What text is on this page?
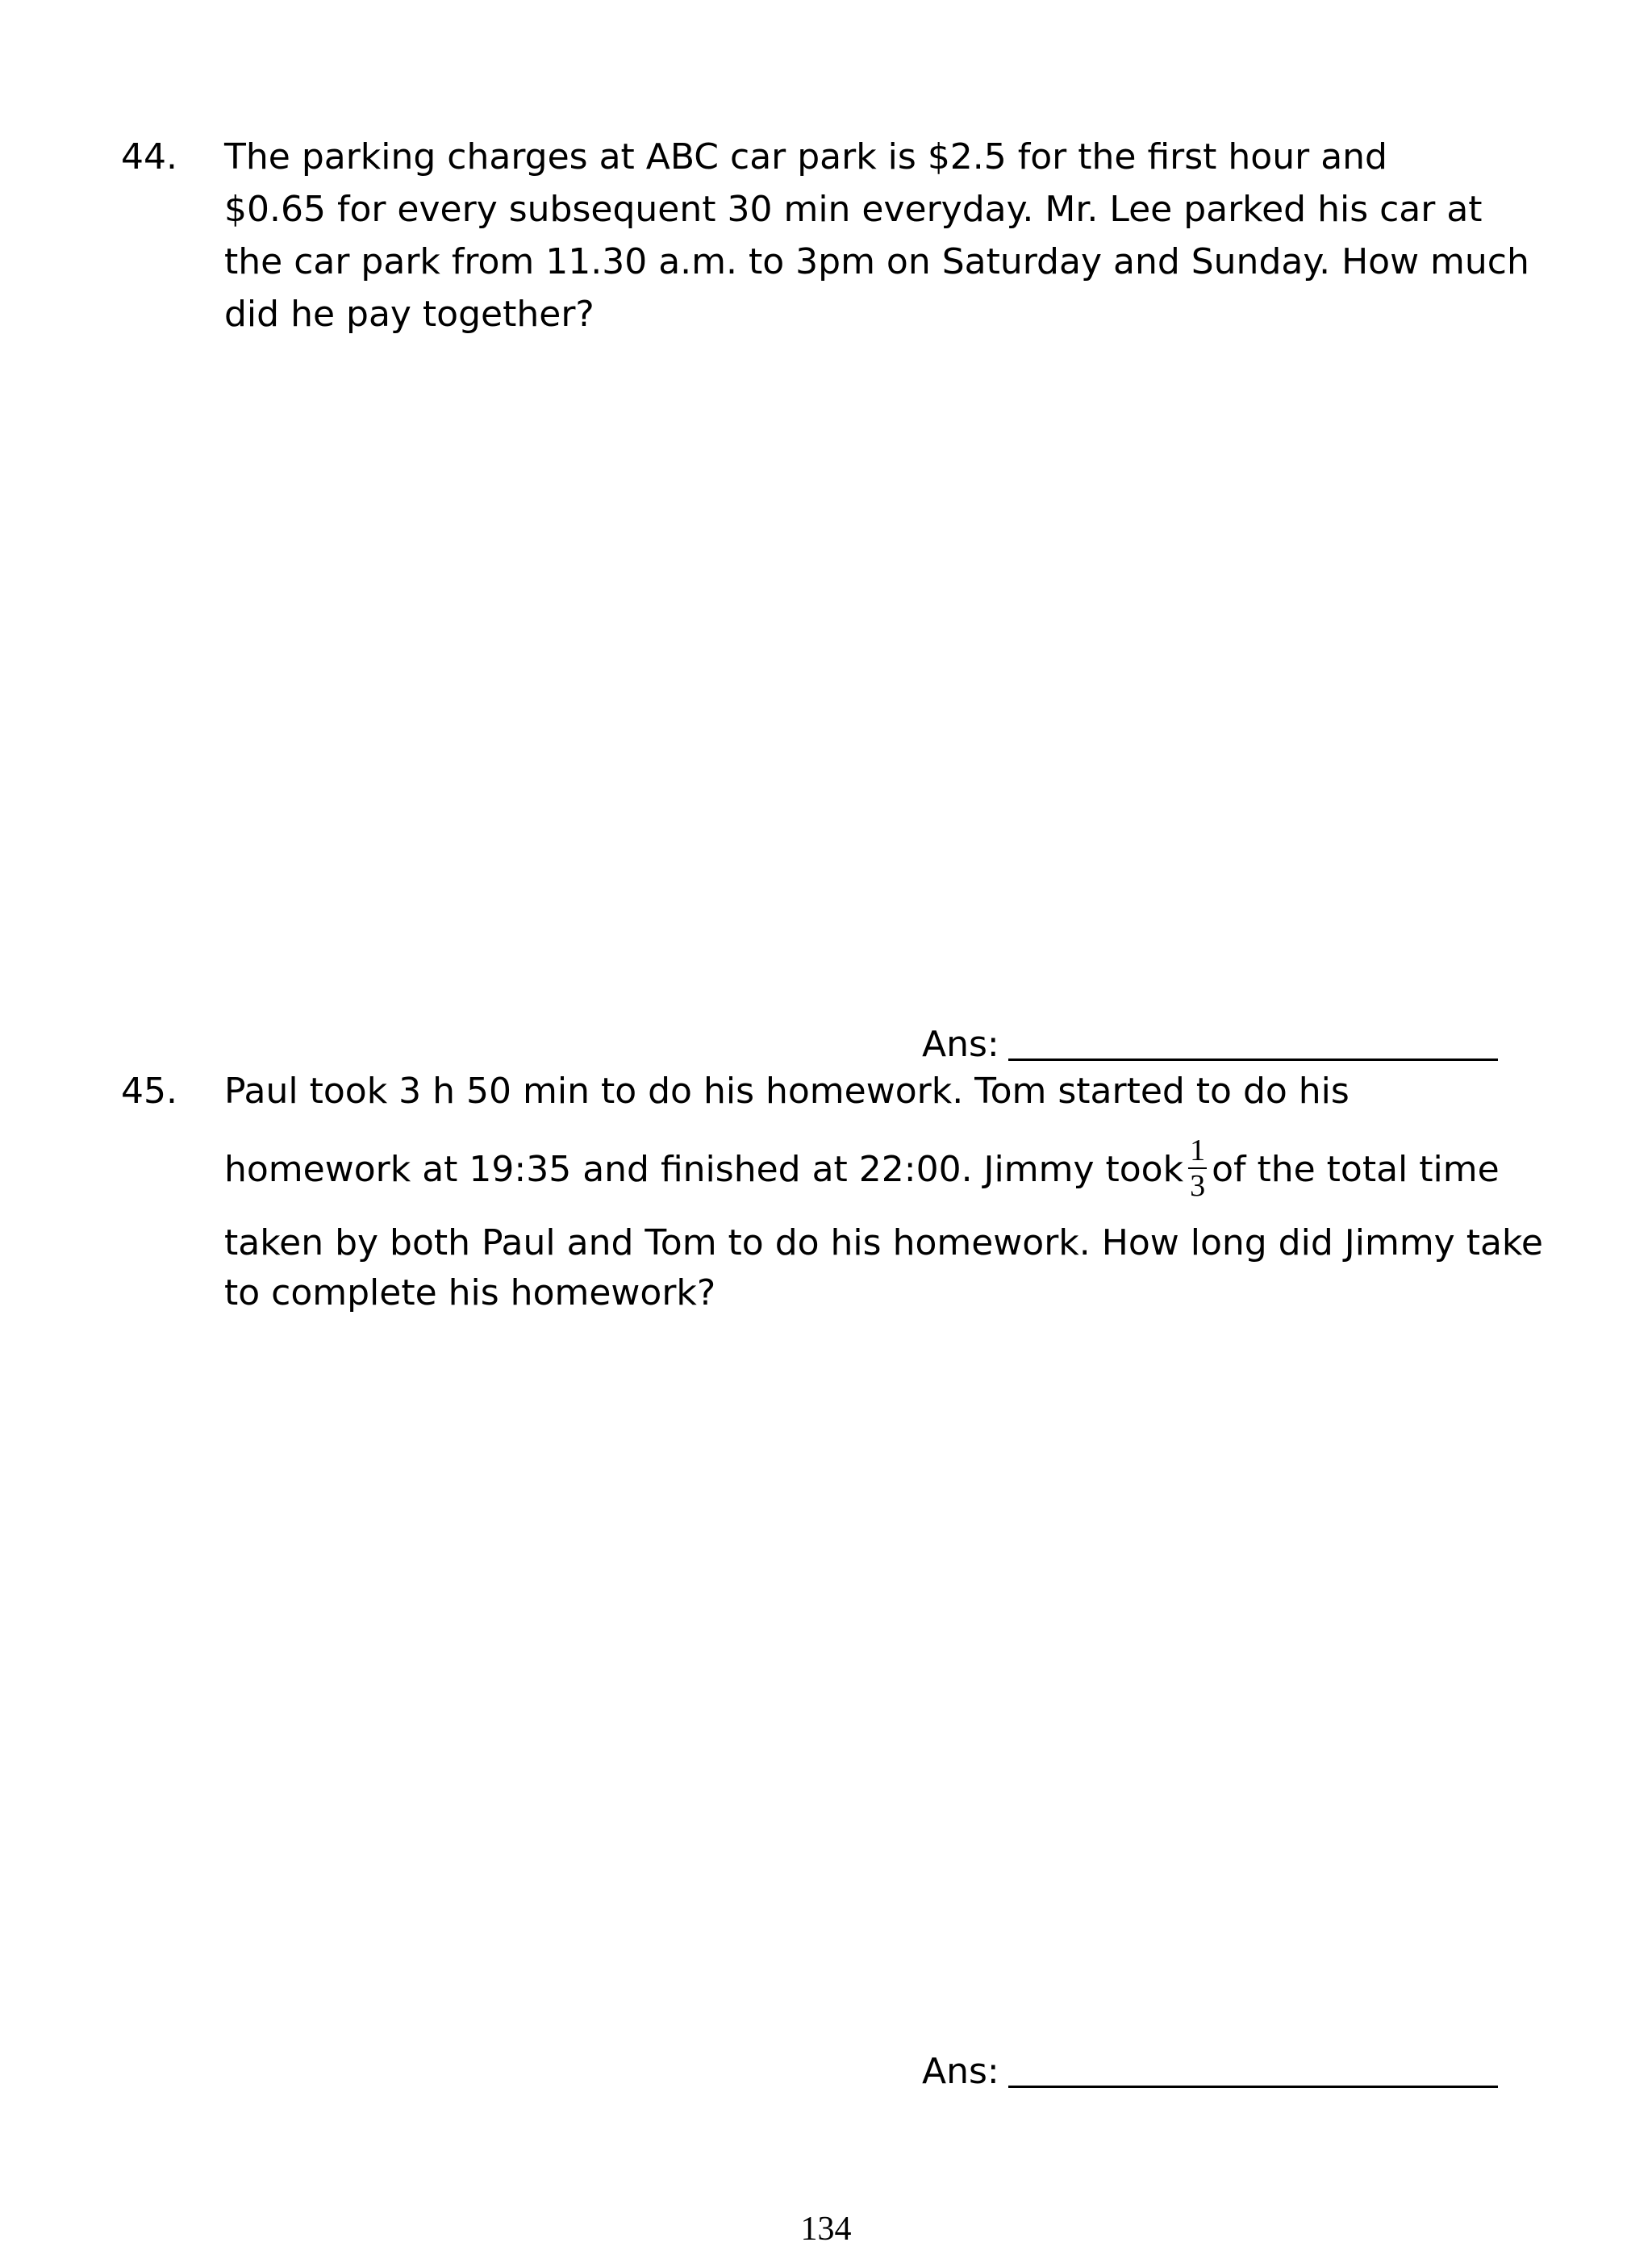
44. The parking charges at ABC car park is $2.5 for the first hour and
$0.65 for every subsequent 30 min everyday. Mr. Lee parked his car at
the car park from 11.30 a.m. to 3pm on Saturday and Sunday. How much
did he pay together?
Ans:
45. Paul took 3 h 50 min to do his homework. Tom started to do his
homework at 19:35 and finished at 22:00. Jimmy took $\frac{1}{3}$ of the total time
taken by both Paul and Tom to do his homework. How long did Jimmy take
to complete his homework?
Ans:
134
